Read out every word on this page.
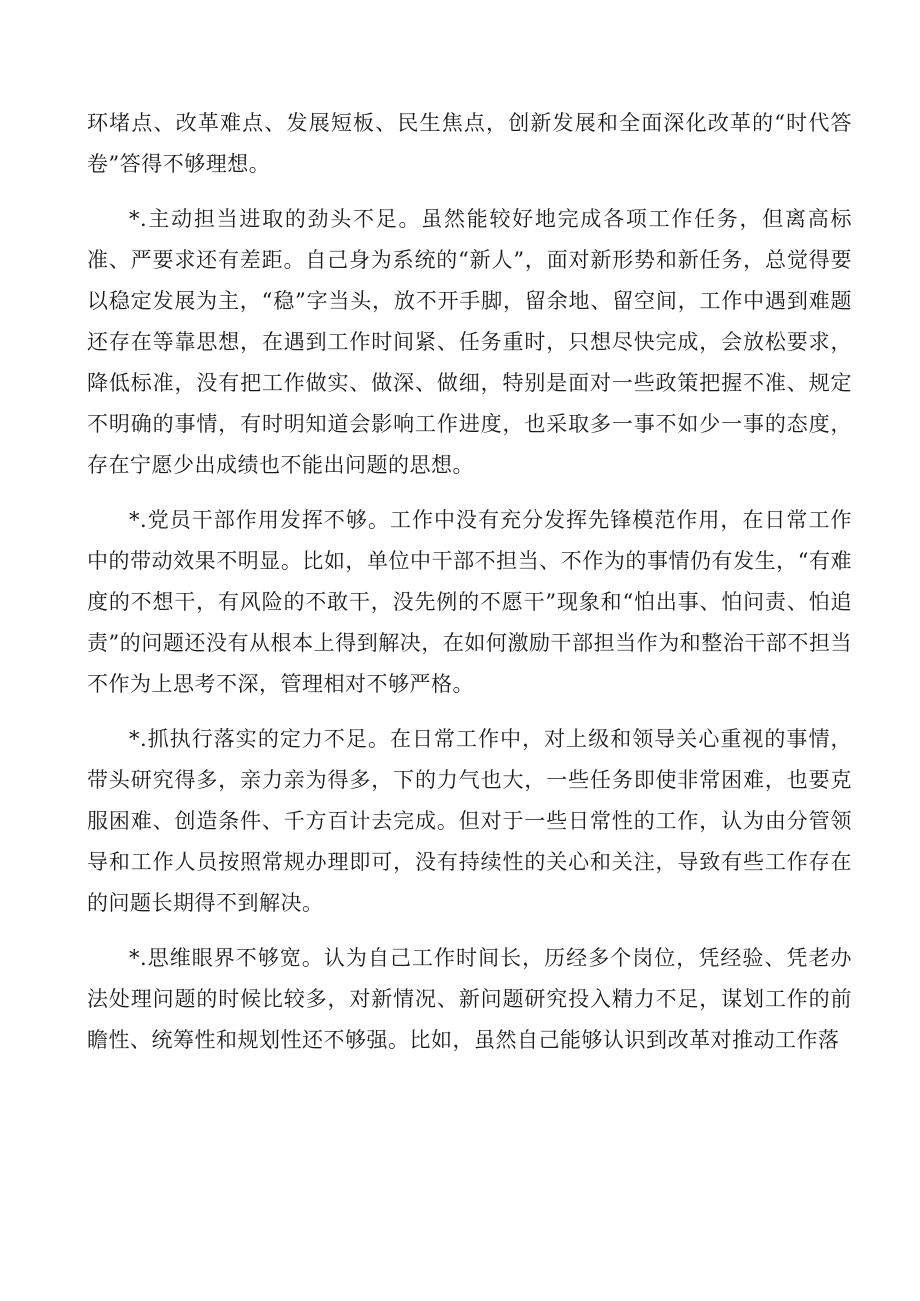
环堵点、改革难点、发展短板、民生焦点，创新发展和全面深化改革的“时代答卷”答得不够理想。

*.主动担当进取的劲头不足。虽然能较好地完成各项工作任务，但离高标准、严要求还有差距。自己身为系统的“新人”，面对新形势和新任务，总觉得要以稳定发展为主，“稳”字当头，放不开手脚，留余地、留空间，工作中遇到难题还存在等靠思想，在遇到工作时间紧、任务重时，只想尽快完成，会放松要求，降低标准，没有把工作做实、做深、做细，特别是面对一些政策把握不准、规定不明确的事情，有时明知道会影响工作进度，也采取多一事不如少一事的态度，存在宁愿少出成绩也不能出问题的思想。

*.党员干部作用发挥不够。工作中没有充分发挥先锋模范作用，在日常工作中的带动效果不明显。比如，单位中干部不担当、不作为的事情仍有发生，“有难度的不想干，有风险的不敢干，没先例的不愿干”现象和“怕出事、怕问责、怕追责”的问题还没有从根本上得到解决，在如何激励干部担当作为和整治干部不担当不作为上思考不深，管理相对不够严格。

*.抓执行落实的定力不足。在日常工作中，对上级和领导关心重视的事情，带头研究得多，亲力亲为得多，下的力气也大，一些任务即使非常困难，也要克服困难、创造条件、千方百计去完成。但对于一些日常性的工作，认为由分管领导和工作人员按照常规办理即可，没有持续性的关心和关注，导致有些工作存在的问题长期得不到解决。

*.思维眼界不够宽。认为自己工作时间长，历经多个岗位，凭经验、凭老办法处理问题的时候比较多，对新情况、新问题研究投入精力不足，谋划工作的前瞻性、统筹性和规划性还不够强。比如，虽然自己能够认识到改革对推动工作落
